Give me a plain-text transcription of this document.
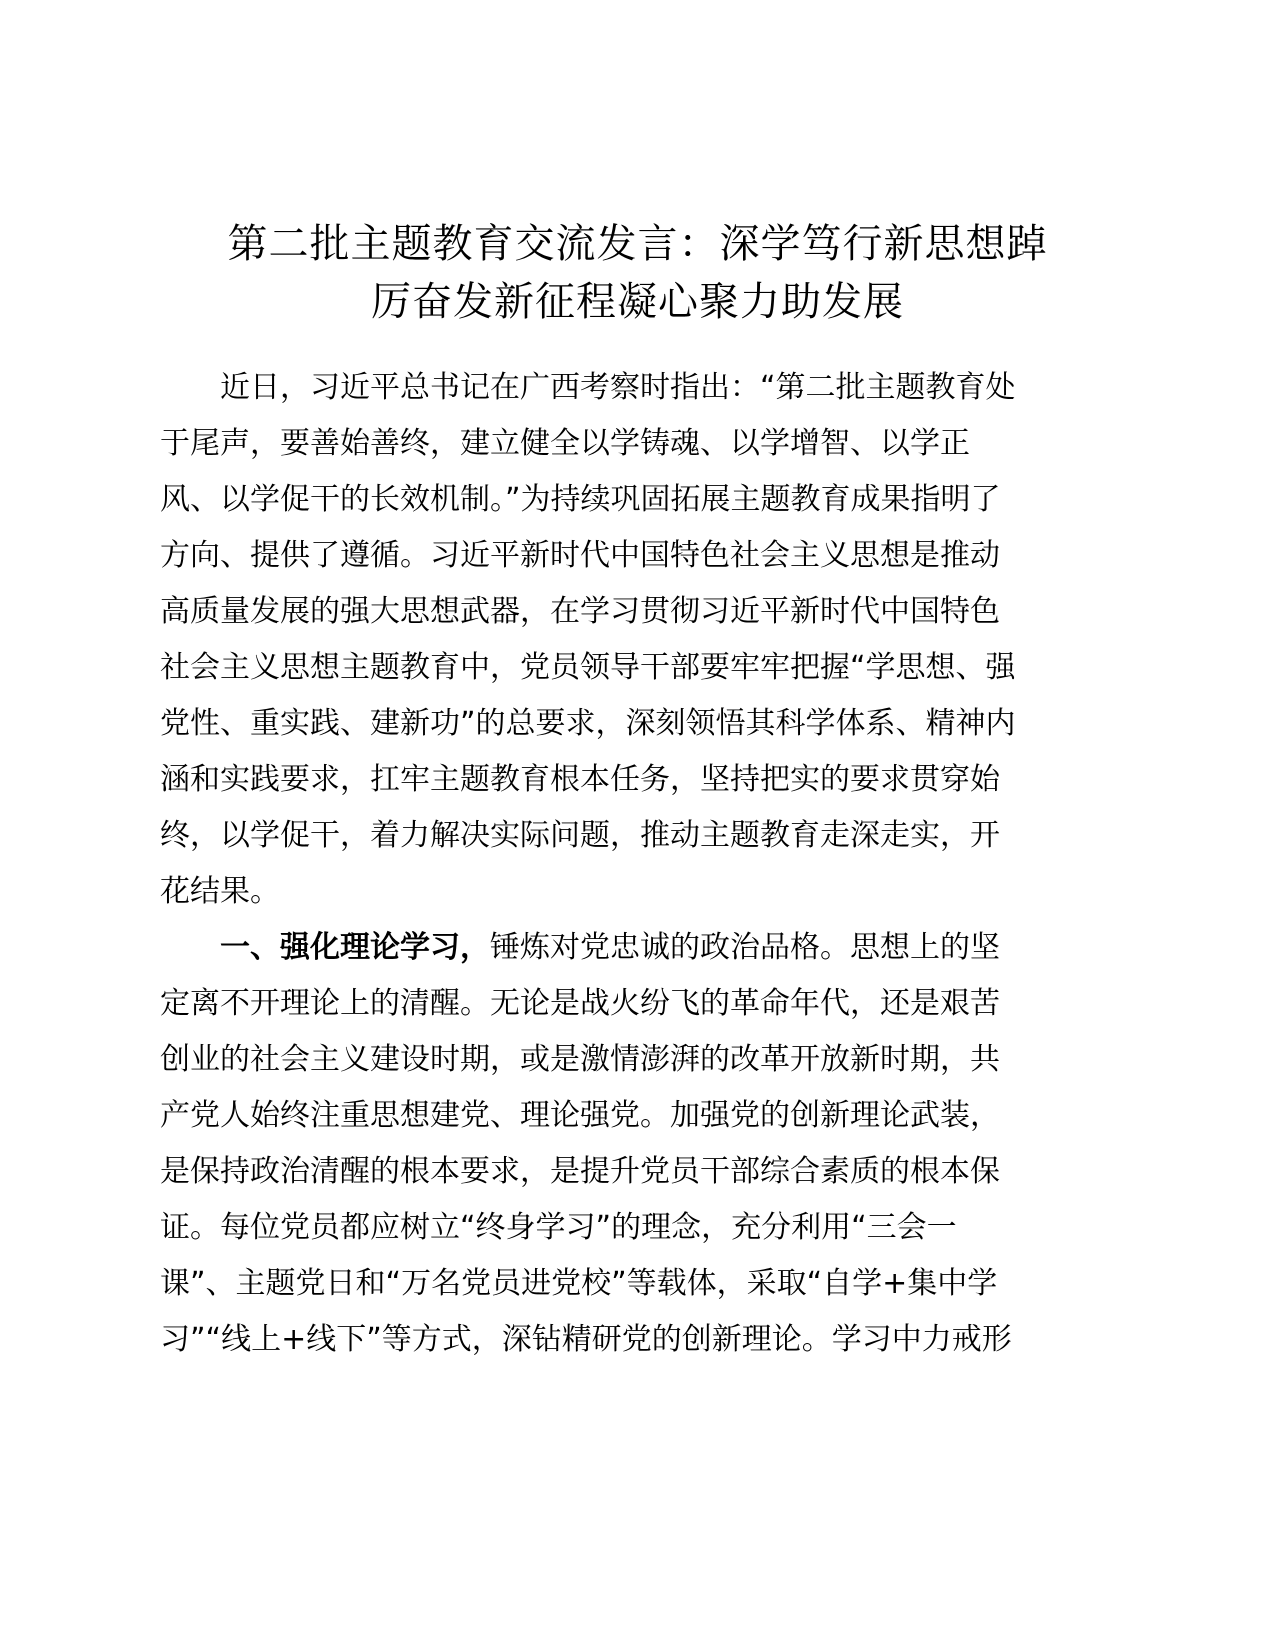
第二批主题教育交流发言：深学笃行新思想踔
厉奋发新征程凝心聚力助发展
近日，习近平总书记在广西考察时指出：“第二批主题教育处
于尾声，要善始善终，建立健全以学铸魂、以学增智、以学正
风、以学促干的长效机制。”为持续巩固拓展主题教育成果指明了
方向、提供了遵循。习近平新时代中国特色社会主义思想是推动
高质量发展的强大思想武器，在学习贯彻习近平新时代中国特色
社会主义思想主题教育中，党员领导干部要牢牢把握“学思想、强
党性、重实践、建新功”的总要求，深刻领悟其科学体系、精神内
涵和实践要求，扛牢主题教育根本任务，坚持把实的要求贯穿始
终，以学促干，着力解决实际问题，推动主题教育走深走实，开
花结果。
一、强化理论学习，锤炼对党忠诚的政治品格。思想上的坚
定离不开理论上的清醒。无论是战火纷飞的革命年代，还是艰苦
创业的社会主义建设时期，或是激情澎湃的改革开放新时期，共
产党人始终注重思想建党、理论强党。加强党的创新理论武装，
是保持政治清醒的根本要求，是提升党员干部综合素质的根本保
证。每位党员都应树立“终身学习”的理念，充分利用“三会一
课”、主题党日和“万名党员进党校”等载体，采取“自学+集中学
习”“线上+线下”等方式，深钻精研党的创新理论。学习中力戒形
